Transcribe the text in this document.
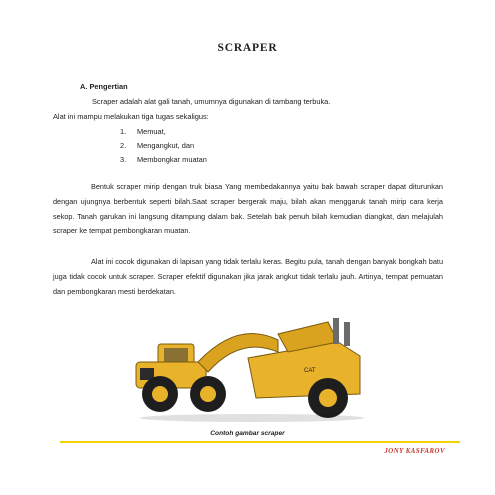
SCRAPER
A. Pengertian
Scraper adalah alat gali tanah, umumnya digunakan di tambang terbuka.
Alat ini mampu melakukan tiga tugas sekaligus:
1. Memuat,
2. Mengangkut, dan
3. Membongkar muatan

Bentuk scraper mirip dengan truk biasa Yang membedakannya yaitu bak bawah scraper dapat diturunkan dengan ujungnya berbentuk seperti bilah.Saat scraper bergerak maju, bilah akan menggaruk tanah mirip cara kerja sekop. Tanah garukan ini langsung ditampung dalam bak. Setelah bak penuh bilah kemudian diangkat, dan melajulah scraper ke tempat pembongkaran muatan.

Alat ini cocok digunakan di lapisan yang tidak terlalu keras. Begitu pula, tanah dengan banyak bongkah batu juga tidak cocok untuk scraper. Scraper efektif digunakan jika jarak angkut tidak terlalu jauh. Artinya, tempat pemuatan dan pembongkaran mesti berdekatan.

CAT
Contoh gambar scraper
JONY KASFAROV
